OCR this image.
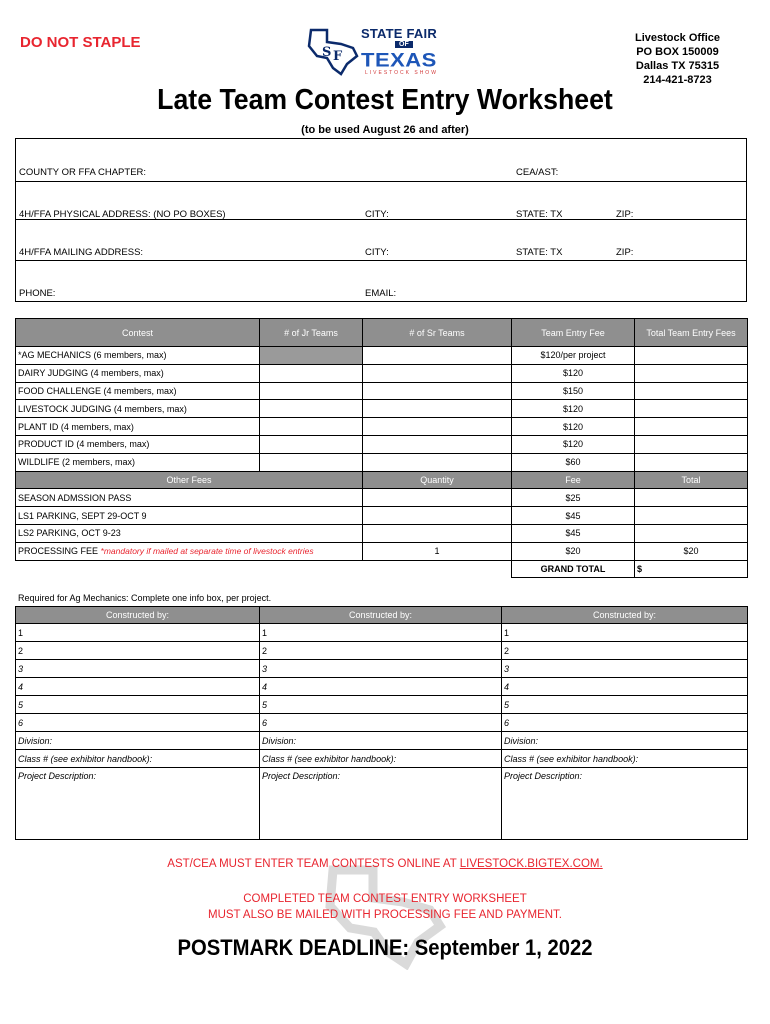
DO NOT STAPLE
S F
STATE FAIR
OF
TEXAS
LIVESTOCK SHOW
Livestock Office
PO BOX 150009
Dallas TX 75315
214-421-8723
Late Team Contest Entry Worksheet
(to be used August 26 and after)
COUNTY OR FFA CHAPTER:	CEA/AST:
4H/FFA PHYSICAL ADDRESS: (NO PO BOXES)	CITY:	STATE: TX	ZIP:
4H/FFA MAILING ADDRESS:	CITY:	STATE: TX	ZIP:
PHONE:	EMAIL:
Contest	# of Jr Teams	# of Sr Teams	Team Entry Fee	Total Team Entry Fees
*AG MECHANICS (6 members, max)			$120/per project	
DAIRY JUDGING (4 members, max)			$120	
FOOD CHALLENGE (4 members, max)			$150	
LIVESTOCK JUDGING (4 members, max)			$120	
PLANT ID (4 members, max)			$120	
PRODUCT ID (4 members, max)			$120	
WILDLIFE (2 members, max)			$60	
Other Fees		Quantity	Fee	Total
SEASON ADMSSION PASS			$25	
LS1 PARKING, SEPT 29-OCT 9			$45	
LS2 PARKING, OCT 9-23			$45	
PROCESSING FEE *mandatory if mailed at separate time of livestock entries		1	$20	$20
			GRAND TOTAL	$
Required for Ag Mechanics: Complete one info box, per project.
Constructed by:	Constructed by:	Constructed by:
1	1	1
2	2	2
3	3	3
4	4	4
5	5	5
6	6	6
Division:	Division:	Division:
Class # (see exhibitor handbook):	Class # (see exhibitor handbook):	Class # (see exhibitor handbook):
Project Description:	Project Description:	Project Description:
AST/CEA MUST ENTER TEAM CONTESTS ONLINE AT LIVESTOCK.BIGTEX.COM.
COMPLETED TEAM CONTEST ENTRY WORKSHEET
MUST ALSO BE MAILED WITH PROCESSING FEE AND PAYMENT.
POSTMARK DEADLINE: September 1, 2022
